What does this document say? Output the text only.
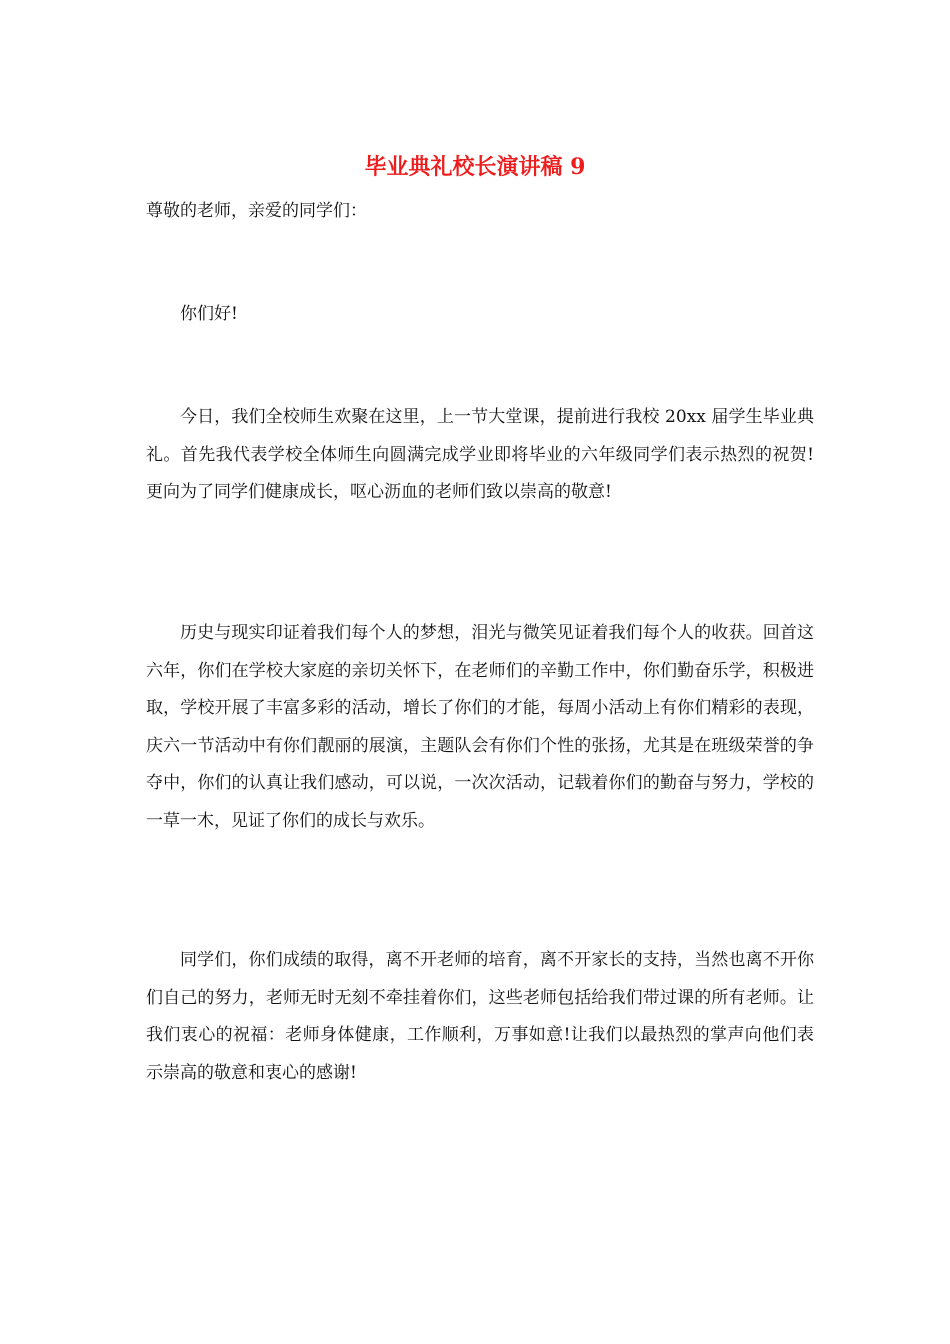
毕业典礼校长演讲稿 9

尊敬的老师，亲爱的同学们：

你们好!

今日，我们全校师生欢聚在这里，上一节大堂课，提前进行我校 20xx 届学生毕业典礼。首先我代表学校全体师生向圆满完成学业即将毕业的六年级同学们表示热烈的祝贺!更向为了同学们健康成长，呕心沥血的老师们致以崇高的敬意!

历史与现实印证着我们每个人的梦想，泪光与微笑见证着我们每个人的收获。回首这六年，你们在学校大家庭的亲切关怀下，在老师们的辛勤工作中，你们勤奋乐学，积极进取，学校开展了丰富多彩的活动，增长了你们的才能，每周小活动上有你们精彩的表现，庆六一节活动中有你们靓丽的展演，主题队会有你们个性的张扬，尤其是在班级荣誉的争夺中，你们的认真让我们感动，可以说，一次次活动，记载着你们的勤奋与努力，学校的一草一木，见证了你们的成长与欢乐。

同学们，你们成绩的取得，离不开老师的培育，离不开家长的支持，当然也离不开你们自己的努力，老师无时无刻不牵挂着你们，这些老师包括给我们带过课的所有老师。让我们衷心的祝福：老师身体健康，工作顺利，万事如意!让我们以最热烈的掌声向他们表示崇高的敬意和衷心的感谢!
